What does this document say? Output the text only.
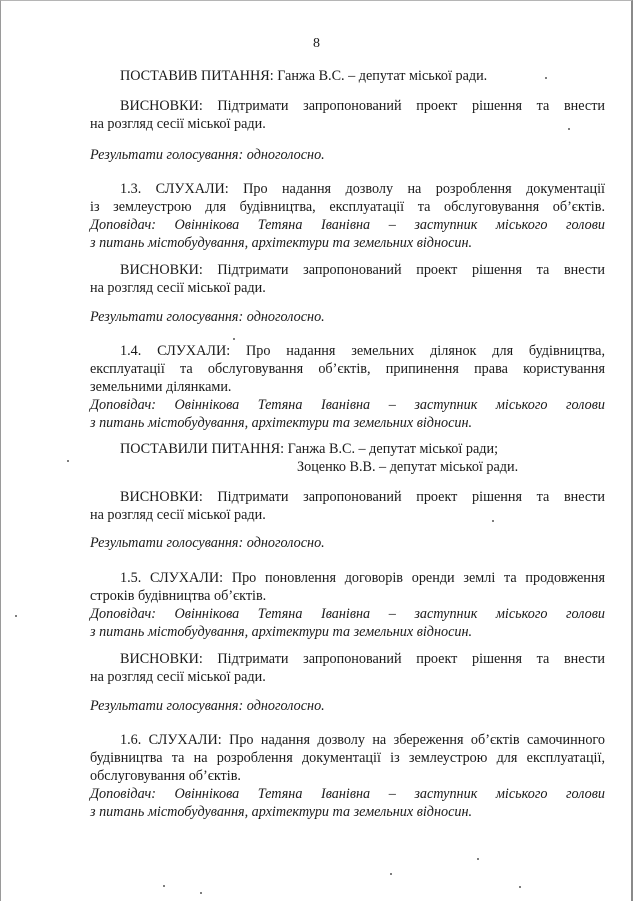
8

ПОСТАВИВ ПИТАННЯ: Ганжа В.С. – депутат міської ради.

ВИСНОВКИ: Підтримати запропонований проект рішення та внести
на розгляд сесії міської ради.

Результати голосування: одноголосно.

1.3. СЛУХАЛИ: Про надання дозволу на розроблення документації
із землеустрою для будівництва, експлуатації та обслуговування об’єктів.
Доповідач: Овіннікова Тетяна Іванівна – заступник міського голови
з питань містобудування, архітектури та земельних відносин.

ВИСНОВКИ: Підтримати запропонований проект рішення та внести
на розгляд сесії міської ради.

Результати голосування: одноголосно.

1.4. СЛУХАЛИ: Про надання земельних ділянок для будівництва,
експлуатації та обслуговування об’єктів, припинення права користування
земельними ділянками.
Доповідач: Овіннікова Тетяна Іванівна – заступник міського голови
з питань містобудування, архітектури та земельних відносин.

ПОСТАВИЛИ ПИТАННЯ: Ганжа В.С. – депутат міської ради;

Зоценко В.В. – депутат міської ради.

ВИСНОВКИ: Підтримати запропонований проект рішення та внести
на розгляд сесії міської ради.

Результати голосування: одноголосно.

1.5. СЛУХАЛИ: Про поновлення договорів оренди землі та продовження
строків будівництва об’єктів.
Доповідач: Овіннікова Тетяна Іванівна – заступник міського голови
з питань містобудування, архітектури та земельних відносин.

ВИСНОВКИ: Підтримати запропонований проект рішення та внести
на розгляд сесії міської ради.

Результати голосування: одноголосно.

1.6. СЛУХАЛИ: Про надання дозволу на збереження об’єктів самочинного
будівництва та на розроблення документації із землеустрою для експлуатації,
обслуговування об’єктів.
Доповідач: Овіннікова Тетяна Іванівна – заступник міського голови
з питань містобудування, архітектури та земельних відносин.
